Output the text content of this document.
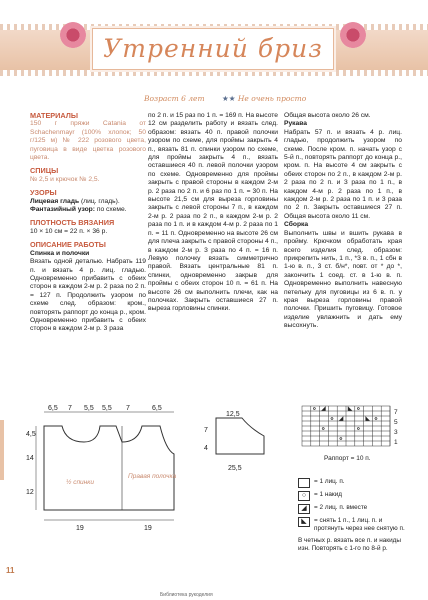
Утренний бриз
Возраст 6 лет ★★ Не очень просто

МАТЕРИАЛЫ

150 г пряжи Catania от Schachenmayr (100% хлопок; 50 г/125 м) № 222 розового цвета, пуговица в виде цветка розового цвета.

СПИЦЫ

№ 2,5 и крючок № 2,5.

УЗОРЫ

Лицевая гладь (лиц. гладь).

Фантазийный узор: по схеме.

ПЛОТНОСТЬ ВЯЗАНИЯ

10 × 10 см = 22 п. × 36 р.

ОПИСАНИЕ РАБОТЫ

Спинка и полочки

Вязать одной деталью. Набрать 119 п. и вязать 4 р. лиц. гладью. Одновременно прибавить с обеих сторон в каждом 2-м р. 2 раза по 2 п. = 127 п. Продолжить узором по схеме след. образом: кром., повторять раппорт до конца р., кром. Одновременно прибавить с обеих сторон в каждом 2-м р. 3 раза

по 2 п. и 15 раз по 1 п. = 169 п. На высоте 12 см разделить работу и вязать след. образом: вязать 40 п. правой полочки узором по схеме, для проймы закрыть 4 п., вязать 81 п. спинки узором по схеме, для проймы закрыть 4 п., вязать оставшиеся 40 п. левой полочки узором по схеме. Одновременно для проймы закрыть с правой стороны в каждом 2-м р. 2 раза по 2 п. и 6 раз по 1 п. = 30 п. На высоте 21,5 см для выреза горловины закрыть с левой стороны 7 п., в каждом 2-м р. 2 раза по 2 п., в каждом 2-м р. 2 раза по 1 п. и в каждом 4-м р. 2 раза по 1 п. = 11 п. Одновременно на высоте 26 см для плеча закрыть с правой стороны 4 п., в каждом 2-м р. 3 раза по 4 п. = 16 п. Левую полочку вязать симметрично правой. Вязать центральные 81 п. спинки, одновременно закрыв для проймы с обеих сторон 10 п. = 61 п. На высоте 26 см выполнить плечи, как на полочках. Закрыть оставшиеся 27 п. выреза горловины спинки.

Общая высота около 26 см.

Рукава

Набрать 57 п. и вязать 4 р. лиц. гладью, продолжить узором по схеме. После кром. п. начать узор с 5-й п., повторять раппорт до конца р., кром. п. На высоте 4 см закрыть с обеих сторон по 2 п., в каждом 2-м р. 2 раза по 2 п. и 3 раза по 1 п., в каждом 4-м р. 2 раза по 1 п., в каждом 2-м р. 2 раза по 1 п. и 3 раза по 2 п. Закрыть оставшиеся 27 п. Общая высота около 11 см.

Сборка

Выполнить швы и вшить рукава в пройму. Крючком обработать края всего изделия след. образом: прикрепить нить, 1 п., *3 в. п., 1 сбн в 1-ю в. п., 3 ст. б/н*, повт. от * до *, закончить 1 соед. ст. в 1-ю в. п. Одновременно выполнить навесную петельку для пуговицы из 6 в. п. у края выреза горловины правой полочки. Пришить пуговицу. Готовое изделие увлажнить и дать ему высохнуть.

6,5 7 5,5 5,5 7	6,5
4,5
14
12
19	19
½ спинки
Правая полочка
12,5
7
4
25,5
○ ◢	◣ ○
○ ◢	◣ ○
○	○
○
7
5
3
1
Раппорт = 10 п.
= 1 лиц. п.
○	= 1 накид
◢	= 2 лиц. п. вместе
◣	= снять 1 п., 1 лиц. п. и протянуть через нее снятую п.
В четных р. вязать все п. и накиды изн. Повторять с 1-го по 8-й р.
11
Библиотека рукоделия
